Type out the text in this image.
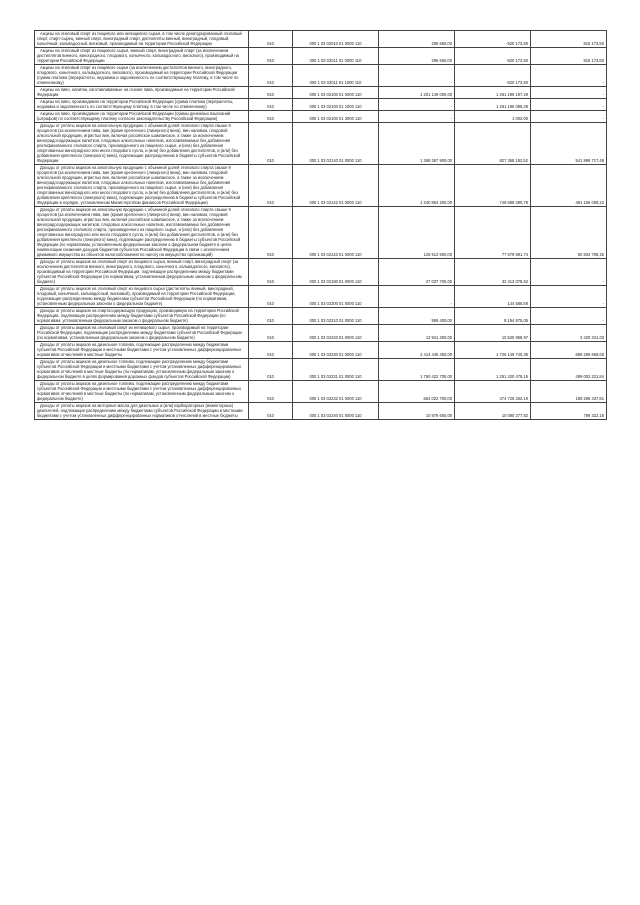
Акцизы на этиловый спирт из пищевого или непищевого сырья, в том числе денатурированный этиловый спирт, спирт-сырец, винный спирт, виноградный спирт, дистилляты винный, виноградный, плодовый, коньячный, кальвадосный, висковый, производимый на территории Российской Федерации	010	000 1 03 02010 01 0000 110	295 660,00	-520 173,50	815 173,50
Акцизы на этиловый спирт из пищевого сырья, винный спирт, виноградный спирт (за исключением дистиллятов винного, виноградного, плодового, коньячного, кальвадосного, вискового), производимый на территории Российской Федерации	010	000 1 03 02011 01 0000 110	295 660,00	-520 173,50	815 173,50
Акцизы на этиловый спирт из пищевого сырья (за исключением дистиллятов винного, виноградного, плодового, коньячного, кальвадосного, вискового), производимый на территории Российской Федерации (сумма платежа (перерасчеты, недоимка и задолженность по соответствующему платежу, в том числе по отмененному)	010	000 1 03 02011 01 1000 110	-	-520 173,50	-
Акцизы на пиво, напитки, изготавливаемые на основе пива, производимые на территории Российской Федерации	010	000 1 03 02100 01 0000 110	1 201 149 000,00	1 261 199 197,29	-
Акцизы на пиво, производимое на территории Российской Федерации (сумма платежа (перерасчеты, недоимка и задолженность по соответствующему платежу, в том числе по отмененному)	010	000 1 03 02100 01 1000 110	-	1 261 196 095,29	-
Акцизы на пиво, производимое на территории Российской Федерации (суммы денежных взысканий (штрафов) по соответствующему платежу согласно законодательству Российской Федерации)	010	000 1 03 02100 01 3000 110	-	1 002,00	-
Доходы от уплаты акцизов на алкогольную продукцию с объемной долей этилового спирта свыше 9 процентов (за исключением пива, вин (кроме крепленого (ликерного) вина), вин наливом, плодовой алкогольной продукции, игристых вин, включая российское шампанское, а также за исключением виноградосодержащих напитков, плодовых алкогольных напитков, изготавливаемых без добавления ректификованного этилового спирта, произведенного из пищевого сырья, и (или) без добавления спиртованных виноградного или иного плодового сусла, и (или) без добавления дистиллятов, и (или) без добавления крепленого (ликерного) вина), подлежащие распределению в бюджеты субъектов Российской Федерации	010	000 1 03 02140 01 0000 110	1 369 367 900,00	827 368 182,52	541 999 717,48
Доходы от уплаты акцизов на алкогольную продукцию с объемной долей этилового спирта свыше 9 процентов (за исключением пива, вин (кроме крепленого (ликерного) вина), вин наливом, плодовой алкогольной продукции, игристых вин, включая российское шампанское, а также за исключением виноградосодержащих напитков, плодовых алкогольных напитков, изготавливаемых без добавления ректификованного этилового спирта, произведенного из пищевого сырья, и (или) без добавления спиртованных виноградного или иного плодового сусла, и (или) без добавления дистиллятов, и (или) без добавления крепленого (ликерного) вина), подлежащие распределению в бюджеты субъектов Российской Федерации в порядке, установленном Министерством финансов Российской Федерации)	010	000 1 03 02142 01 0000 110	1 240 854 200,00	749 688 290,78	491 166 009,22
Доходы от уплаты акцизов на алкогольную продукцию с объемной долей этилового спирта свыше 9 процентов (за исключением пива, вин (кроме крепленого (ликерного) вина), вин наливом, плодовой алкогольной продукции, игристых вин, включая российское шампанское, а также за исключением виноградосодержащих напитков, плодовых алкогольных напитков, изготавливаемых без добавления ректификованного этилового спирта, произведенного из пищевого сырья, и (или) без добавления спиртованных виноградного или иного плодового сусла, и (или) без добавления дистиллятов, и (или) без добавления крепленого (ликерного) вина), подлежащие распределению в бюджеты субъектов Российской Федерации (по нормативам, установленным федеральным законом о федеральном бюджете в целях компенсации снижения доходов бюджетов субъектов Российской Федерации в связи с исключением движимого имущества из объектов налогообложения по налогу на имущество организаций)	010	000 1 03 02143 01 0000 110	128 513 600,00	77 679 891,74	50 833 708,26
Доходы от уплаты акцизов на этиловый спирт из пищевого сырья, винный спирт, виноградный спирт (за исключением дистиллятов винного, виноградного, плодового, коньячного, кальвадосного, вискового), производимый на территории Российской Федерации, подлежащие распределению между бюджетами субъектов Российской Федерации (по нормативам, установленным федеральным законом о федеральном бюджете)	010	000 1 03 02190 01 0000 110	27 037 700,00	32 413 078,62	-
Доходы от уплаты акцизов на этиловый спирт из пищевого сырья (дистилляты винный, виноградный, плодовый, коньячный, кальвадосный, висковый), производимый на территории Российской Федерации, подлежащие распределению между бюджетами субъектов Российской Федерации (по нормативам, установленным федеральным законом о федеральном бюджете)	010	000 1 03 02200 01 0000 110	-	144 586,58	-
Доходы от уплаты акцизов на спиртосодержащую продукцию, производимую на территории Российской Федерации, подлежащие распределению между бюджетами субъектов Российской Федерации (по нормативам, установленным федеральным законом о федеральном бюджете)	010	000 1 03 02210 01 0000 110	959 400,00	8 194 875,05	-
Доходы от уплаты акцизов на этиловый спирт из непищевого сырья, производимый на территории Российской Федерации, подлежащие распределению между бюджетами субъектов Российской Федерации (по нормативам, установленным федеральным законом о федеральном бюджете)	010	000 1 03 02220 01 0000 110	13 941 300,00	10 520 958,97	3 420 341,03
Доходы от уплаты акцизов на дизельное топливо, подлежащие распределению между бюджетами субъектов Российской Федерации и местными бюджетами с учетом установленных дифференцированных нормативов отчислений в местные бюджеты	010	000 1 03 02230 01 0000 110	2 414 445 400,00	1 726 146 740,35	688 298 659,65
Доходы от уплаты акцизов на дизельное топливо, подлежащие распределению между бюджетами субъектов Российской Федерации и местными бюджетами с учетом установленных дифференцированных нормативов отчислений в местные бюджеты (по нормативам, установленным федеральным законом о федеральном бюджете в целях формирования дорожных фондов субъектов Российской Федерации)	010	000 1 03 02231 01 0000 110	1 750 422 700,00	1 251 420 478,16	499 002 221,84
Доходы от уплаты акцизов на дизельное топливо, подлежащие распределению между бюджетами субъектов Российской Федерации и местными бюджетами с учетом установленных дифференцированных нормативов отчислений в местные бюджеты (по нормативам, установленным федеральным законом о федеральном бюджете)	010	000 1 03 02232 01 0000 110	664 022 700,00	474 726 262,19	189 296 437,81
Доходы от уплаты акцизов на моторные масла для дизельных и (или) карбюраторных (инжекторных) двигателей, подлежащие распределению между бюджетами субъектов Российской Федерации и местными бюджетами с учетом установленных дифференцированных нормативов отчислений в местные бюджеты	010	000 1 03 02240 01 0000 110	10 879 600,00	10 080 277,82	799 322,18
